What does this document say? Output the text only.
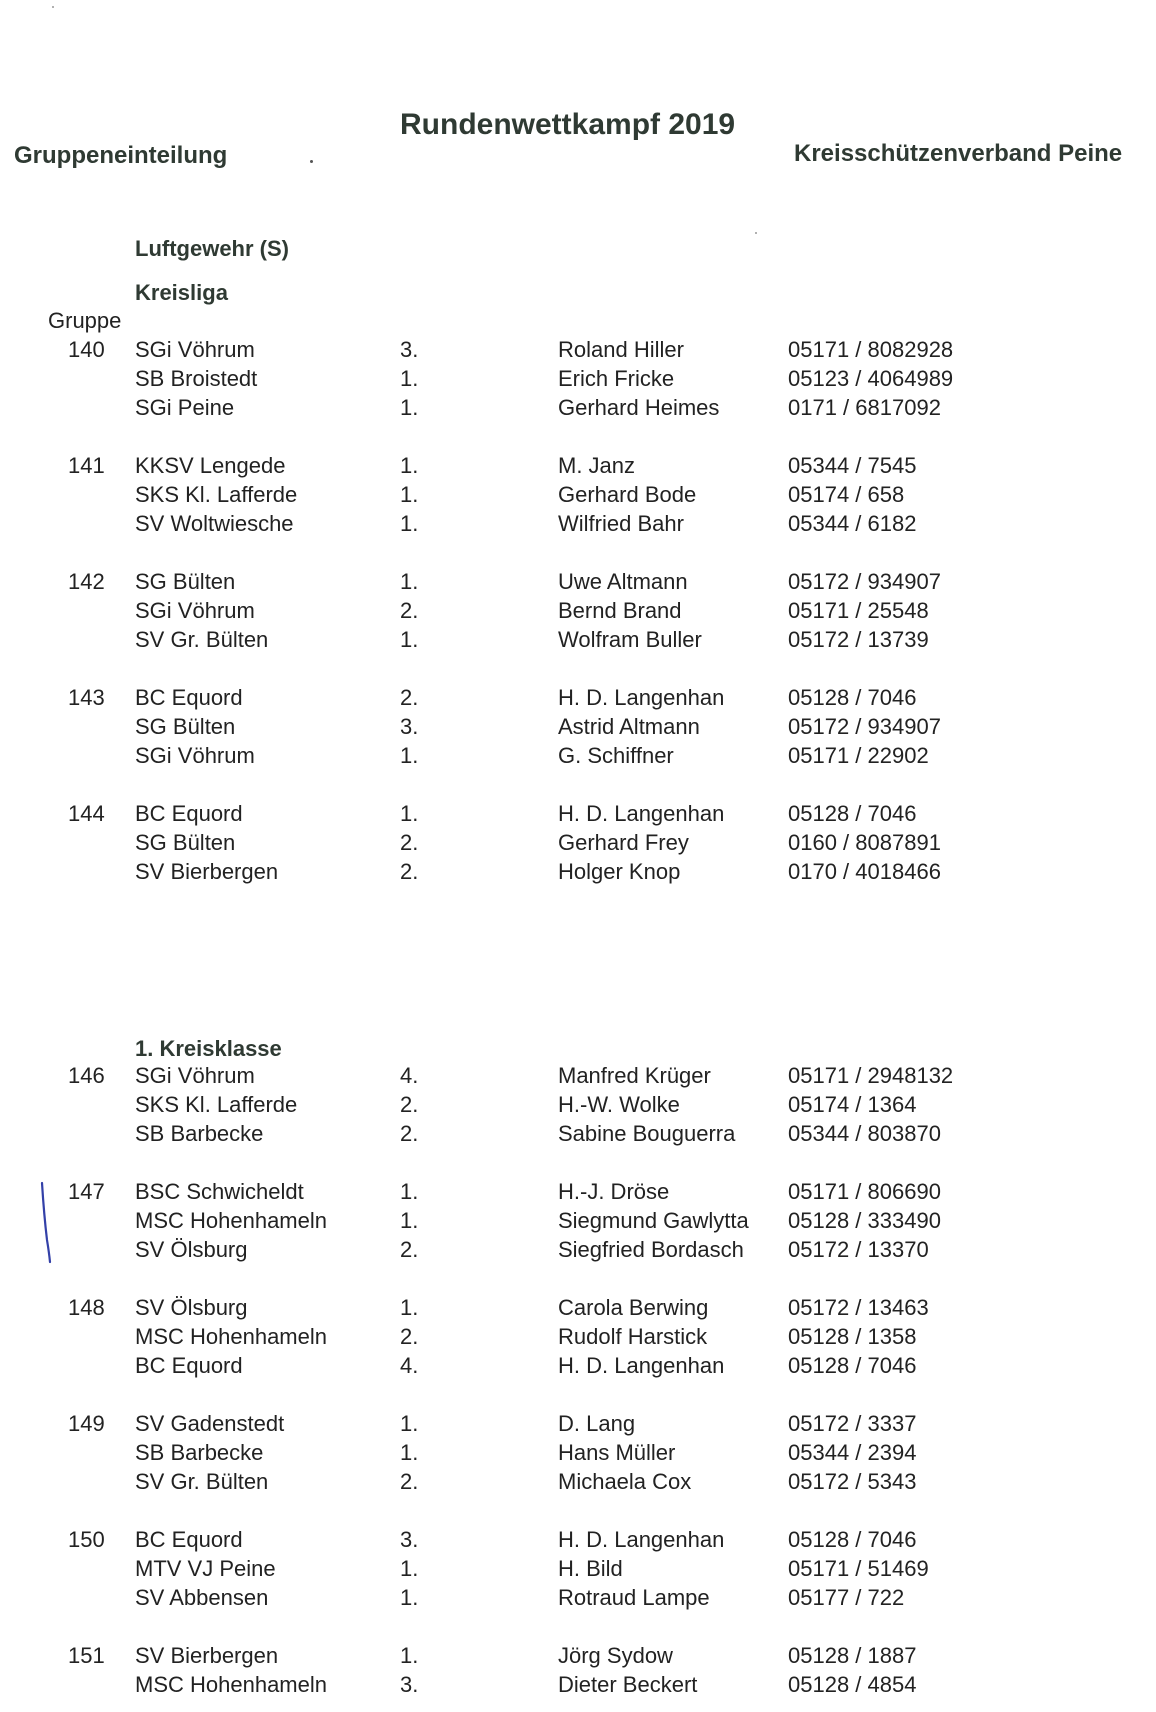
Rundenwettkampf 2019
Gruppeneinteilung	Kreisschützenverband Peine
Luftgewehr (S)
Kreisliga
Gruppe
140 SGi Vöhrum	3.	Roland Hiller	05171 / 8082928
SB Broistedt	1.	Erich Fricke	05123 / 4064989
SGi Peine	1.	Gerhard Heimes	0171 / 6817092
141 KKSV Lengede	1.	M. Janz	05344 / 7545
SKS Kl. Lafferde	1.	Gerhard Bode	05174 / 658
SV Woltwiesche	1.	Wilfried Bahr	05344 / 6182
142 SG Bülten	1.	Uwe Altmann	05172 / 934907
SGi Vöhrum	2.	Bernd Brand	05171 / 25548
SV Gr. Bülten	1.	Wolfram Buller	05172 / 13739
143 BC Equord	2.	H. D. Langenhan	05128 / 7046
SG Bülten	3.	Astrid Altmann	05172 / 934907
SGi Vöhrum	1.	G. Schiffner	05171 / 22902
144 BC Equord	1.	H. D. Langenhan	05128 / 7046
SG Bülten	2.	Gerhard Frey	0160 / 8087891
SV Bierbergen	2.	Holger Knop	0170 / 4018466
1. Kreisklasse
146 SGi Vöhrum	4.	Manfred Krüger	05171 / 2948132
SKS Kl. Lafferde	2.	H.-W. Wolke	05174 / 1364
SB Barbecke	2.	Sabine Bouguerra 05344 / 803870
147 BSC Schwicheldt	1.	H.-J. Dröse	05171 / 806690
MSC Hohenhameln	1.	Siegmund Gawlytta 05128 / 333490
SV Ölsburg	2.	Siegfried Bordasch 05172 / 13370
148 SV Ölsburg	1.	Carola Berwing	05172 / 13463
MSC Hohenhameln	2.	Rudolf Harstick	05128 / 1358
BC Equord	4.	H. D. Langenhan	05128 / 7046
149 SV Gadenstedt	1.	D. Lang	05172 / 3337
SB Barbecke	1.	Hans Müller	05344 / 2394
SV Gr. Bülten	2.	Michaela Cox	05172 / 5343
150 BC Equord	3.	H. D. Langenhan	05128 / 7046
MTV VJ Peine	1.	H. Bild	05171 / 51469
SV Abbensen	1.	Rotraud Lampe	05177 / 722
151 SV Bierbergen	1.	Jörg Sydow	05128 / 1887
MSC Hohenhameln	3.	Dieter Beckert	05128 / 4854
